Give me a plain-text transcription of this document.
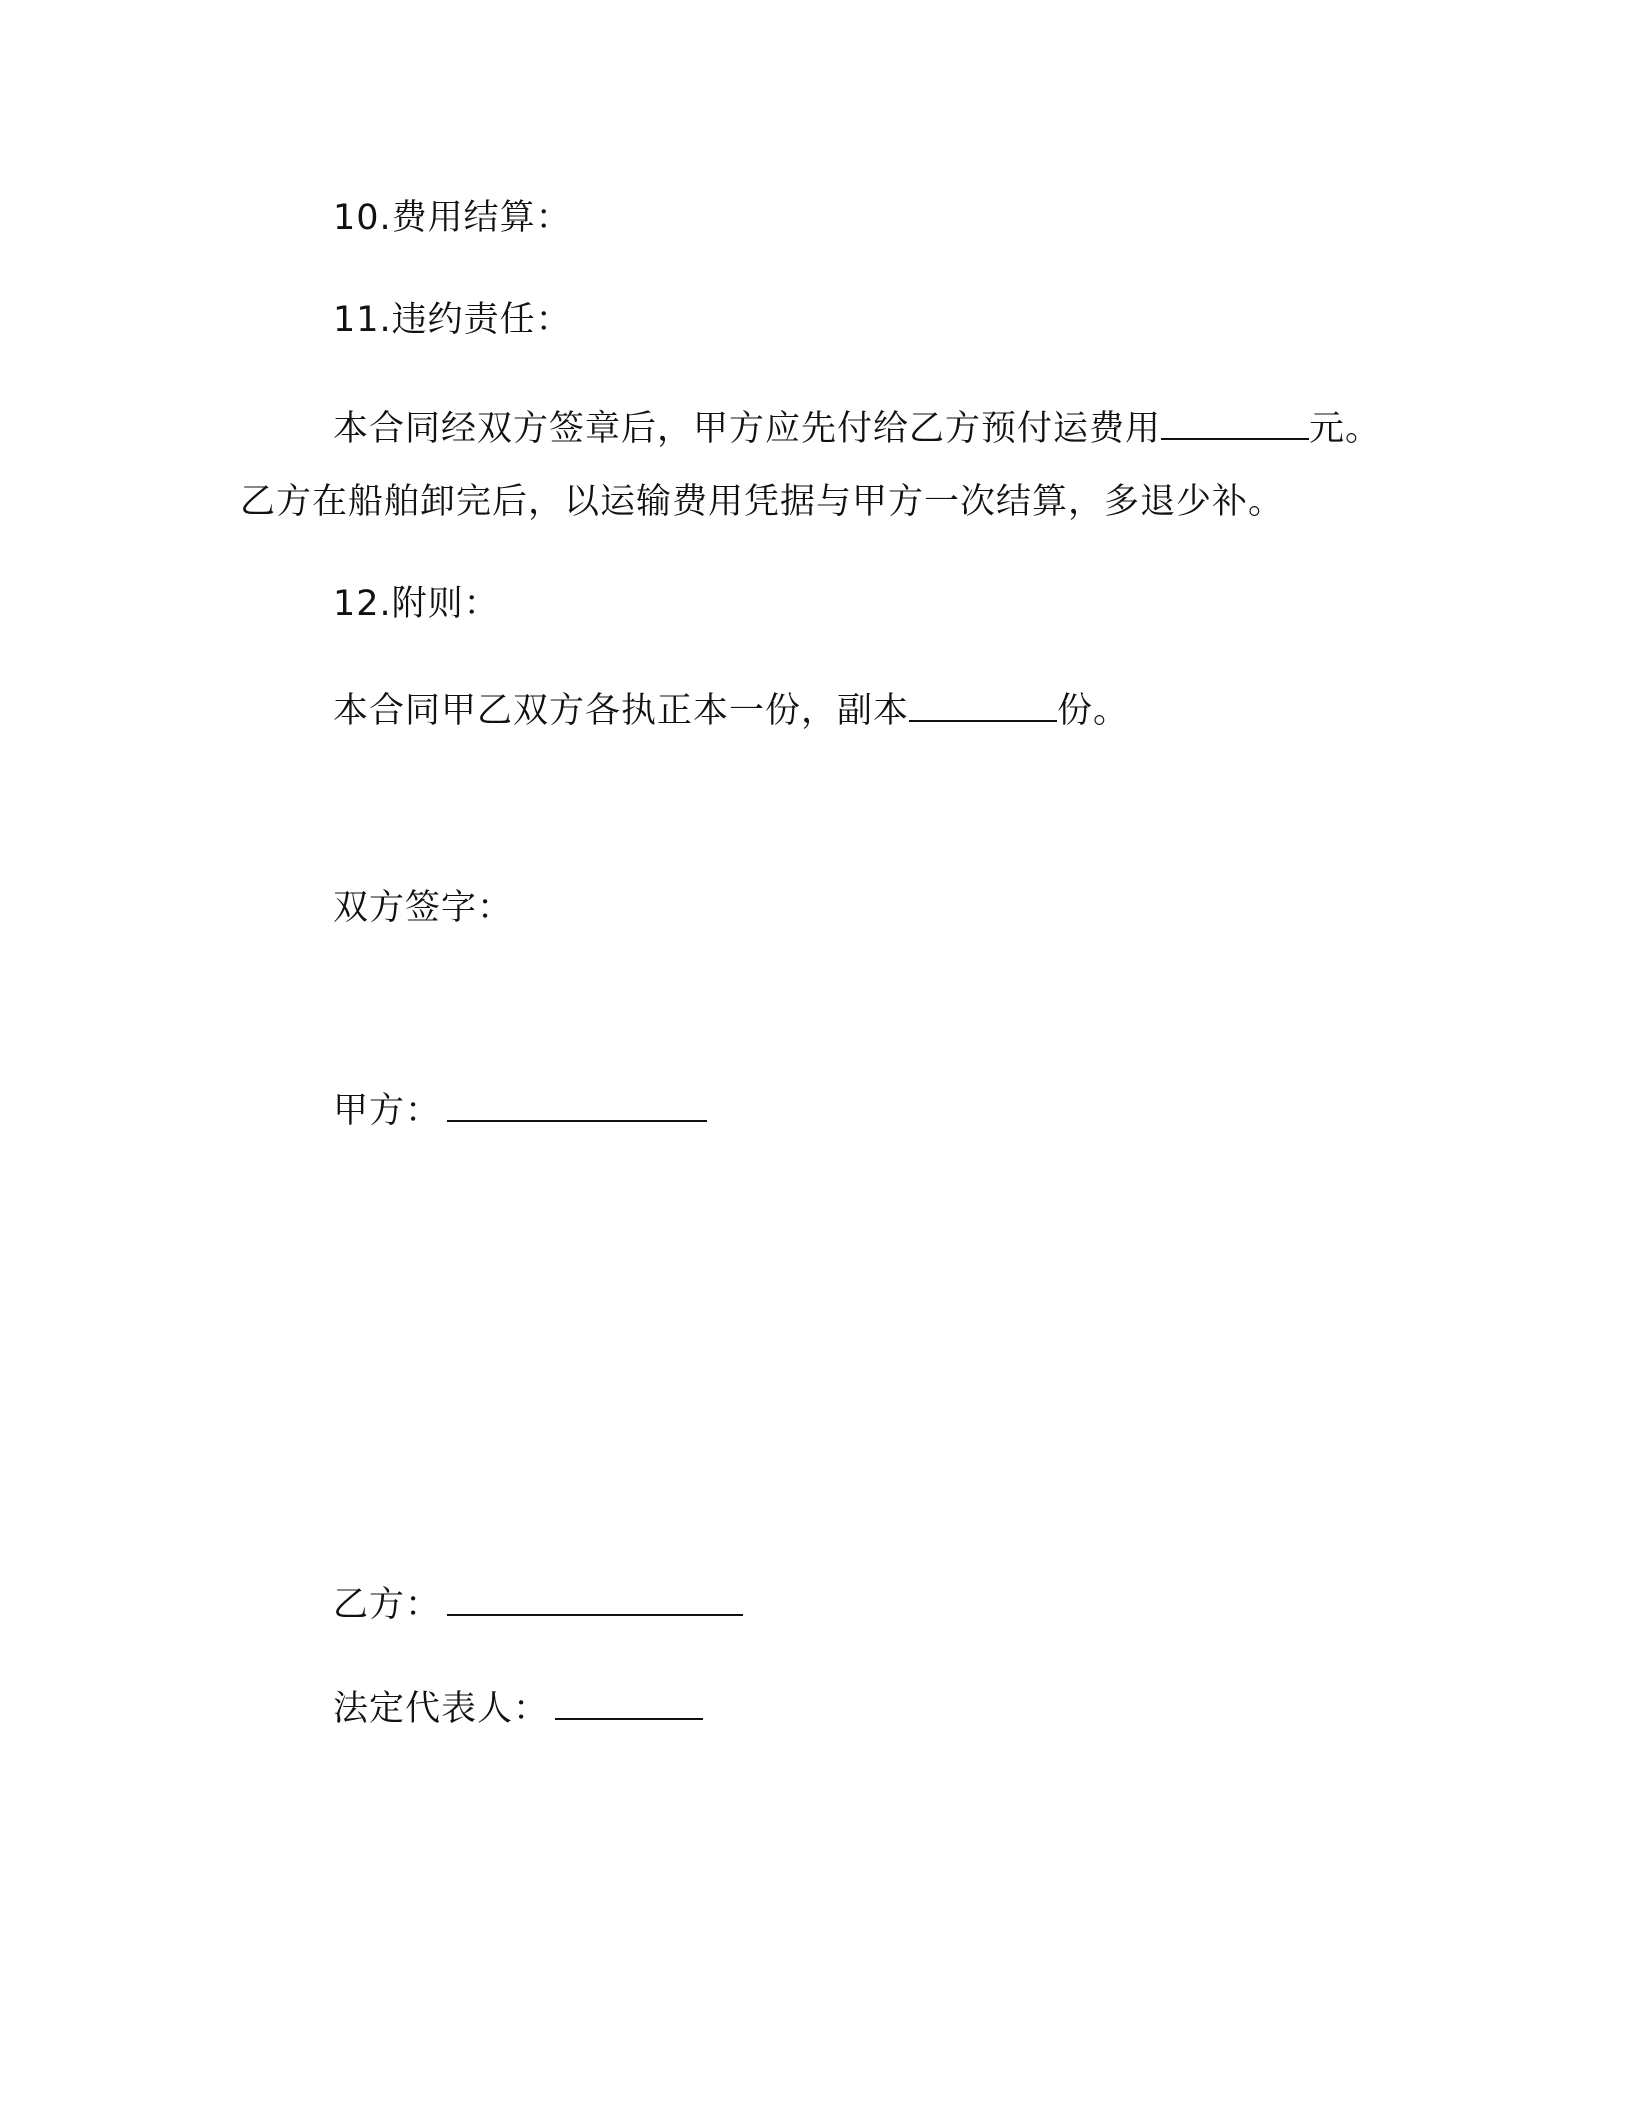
10.费用结算：
11.违约责任：
本合同经双方签章后，甲方应先付给乙方预付运费用	元。
乙方在船舶卸完后，以运输费用凭据与甲方一次结算，多退少补。
12.附则：
本合同甲乙双方各执正本一份，副本	份。
双方签字：
甲方：
乙方：
法定代表人：
